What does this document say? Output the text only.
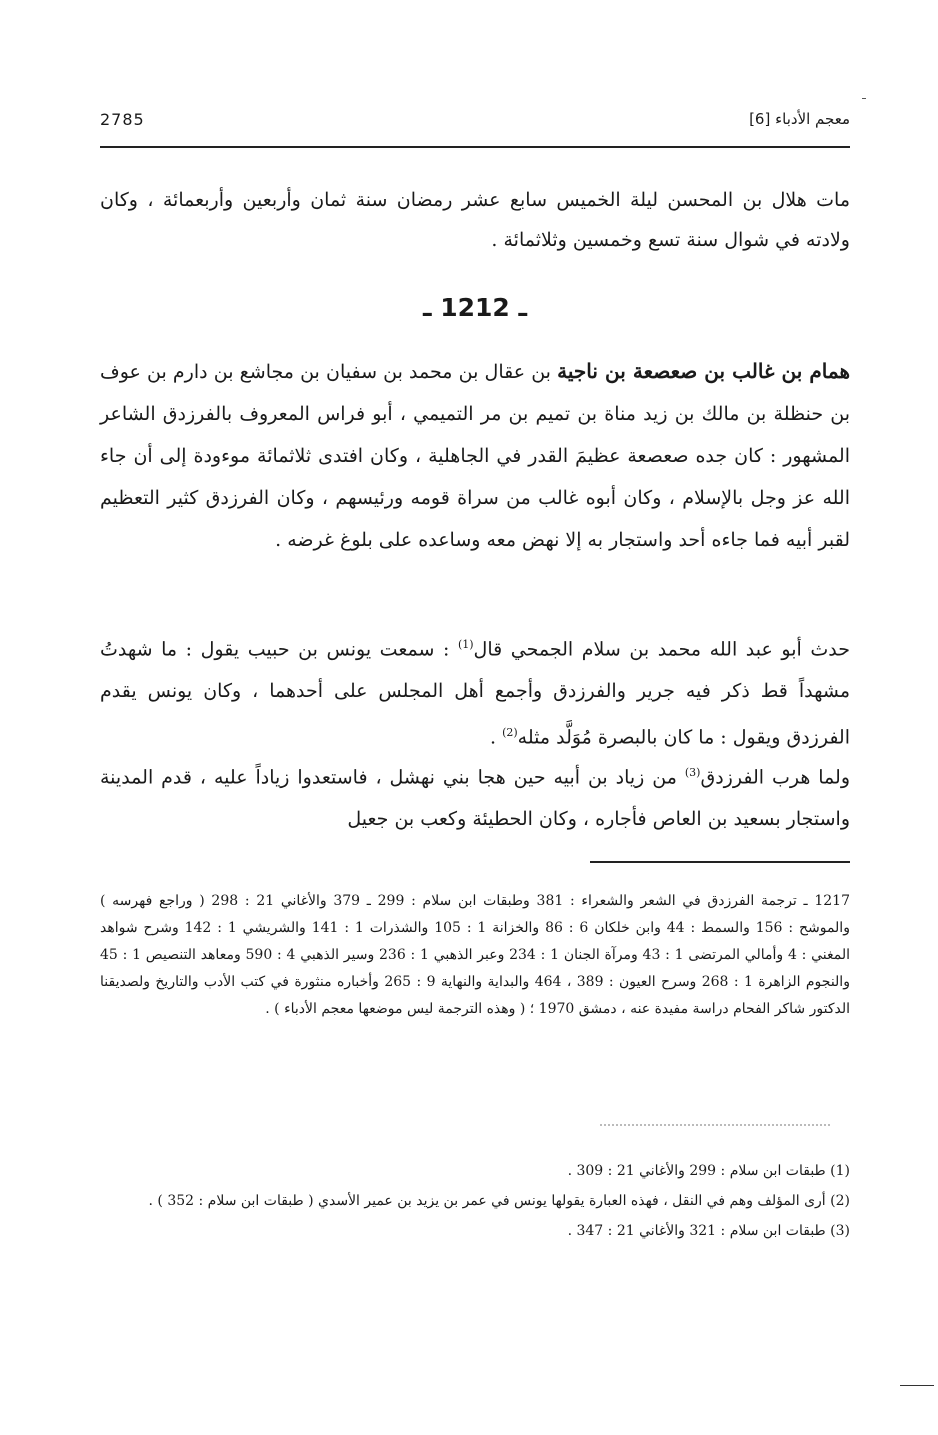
2785	معجم الأدباء [6]
مات هلال بن المحسن ليلة الخميس سابع عشر رمضان سنة ثمان وأربعين وأربعمائة ، وكان ولادته في شوال سنة تسع وخمسين وثلاثمائة .
ـ 1212 ـ
همام بن غالب بن صعصعة بن ناجية بن عقال بن محمد بن سفيان بن مجاشع بن دارم بن عوف بن حنظلة بن مالك بن زيد مناة بن تميم بن مر التميمي ، أبو فراس المعروف بالفرزدق الشاعر المشهور : كان جده صعصعة عظيمَ القدر في الجاهلية ، وكان افتدى ثلاثمائة موءودة إلى أن جاء الله عز وجل بالإسلام ، وكان أبوه غالب من سراة قومه ورئيسهم ، وكان الفرزدق كثير التعظيم لقبر أبيه فما جاءه أحد واستجار به إلا نهض معه وساعده على بلوغ غرضه .
حدث أبو عبد الله محمد بن سلام الجمحي قال$^{(1)}$ : سمعت يونس بن حبيب يقول : ما شهدتُ مشهداً قط ذكر فيه جرير والفرزدق وأجمع أهل المجلس على أحدهما ، وكان يونس يقدم الفرزدق ويقول : ما كان بالبصرة مُوَلَّد مثله$^{(2)}$ .
ولما هرب الفرزدق$^{(3)}$ من زياد بن أبيه حين هجا بني نهشل ، فاستعدوا زياداً عليه ، قدم المدينة واستجار بسعيد بن العاص فأجاره ، وكان الحطيئة وكعب بن جعيل
1217 ـ ترجمة الفرزدق في الشعر والشعراء : 381 وطبقات ابن سلام : 299 ـ 379 والأغاني 21 : 298 ( وراجع فهرسه ) والموشح : 156 والسمط : 44 وابن خلكان 6 : 86 والخزانة 1 : 105 والشذرات 1 : 141 والشريشي 1 : 142 وشرح شواهد المغني : 4 وأمالي المرتضى 1 : 43 ومرآة الجنان 1 : 234 وعبر الذهبي 1 : 236 وسير الذهبي 4 : 590 ومعاهد التنصيص 1 : 45 والنجوم الزاهرة 1 : 268 وسرح العيون : 389 ، 464 والبداية والنهاية 9 : 265 وأخباره منثورة في كتب الأدب والتاريخ ولصديقنا الدكتور شاكر الفحام دراسة مفيدة عنه ، دمشق 1970 ؛ ( وهذه الترجمة ليس موضعها معجم الأدباء ) .

(1) طبقات ابن سلام : 299 والأغاني 21 : 309 .

(2) أرى المؤلف وهم في النقل ، فهذه العبارة يقولها يونس في عمر بن يزيد بن عمير الأسدي ( طبقات ابن سلام : 352 ) .

(3) طبقات ابن سلام : 321 والأغاني 21 : 347 .
